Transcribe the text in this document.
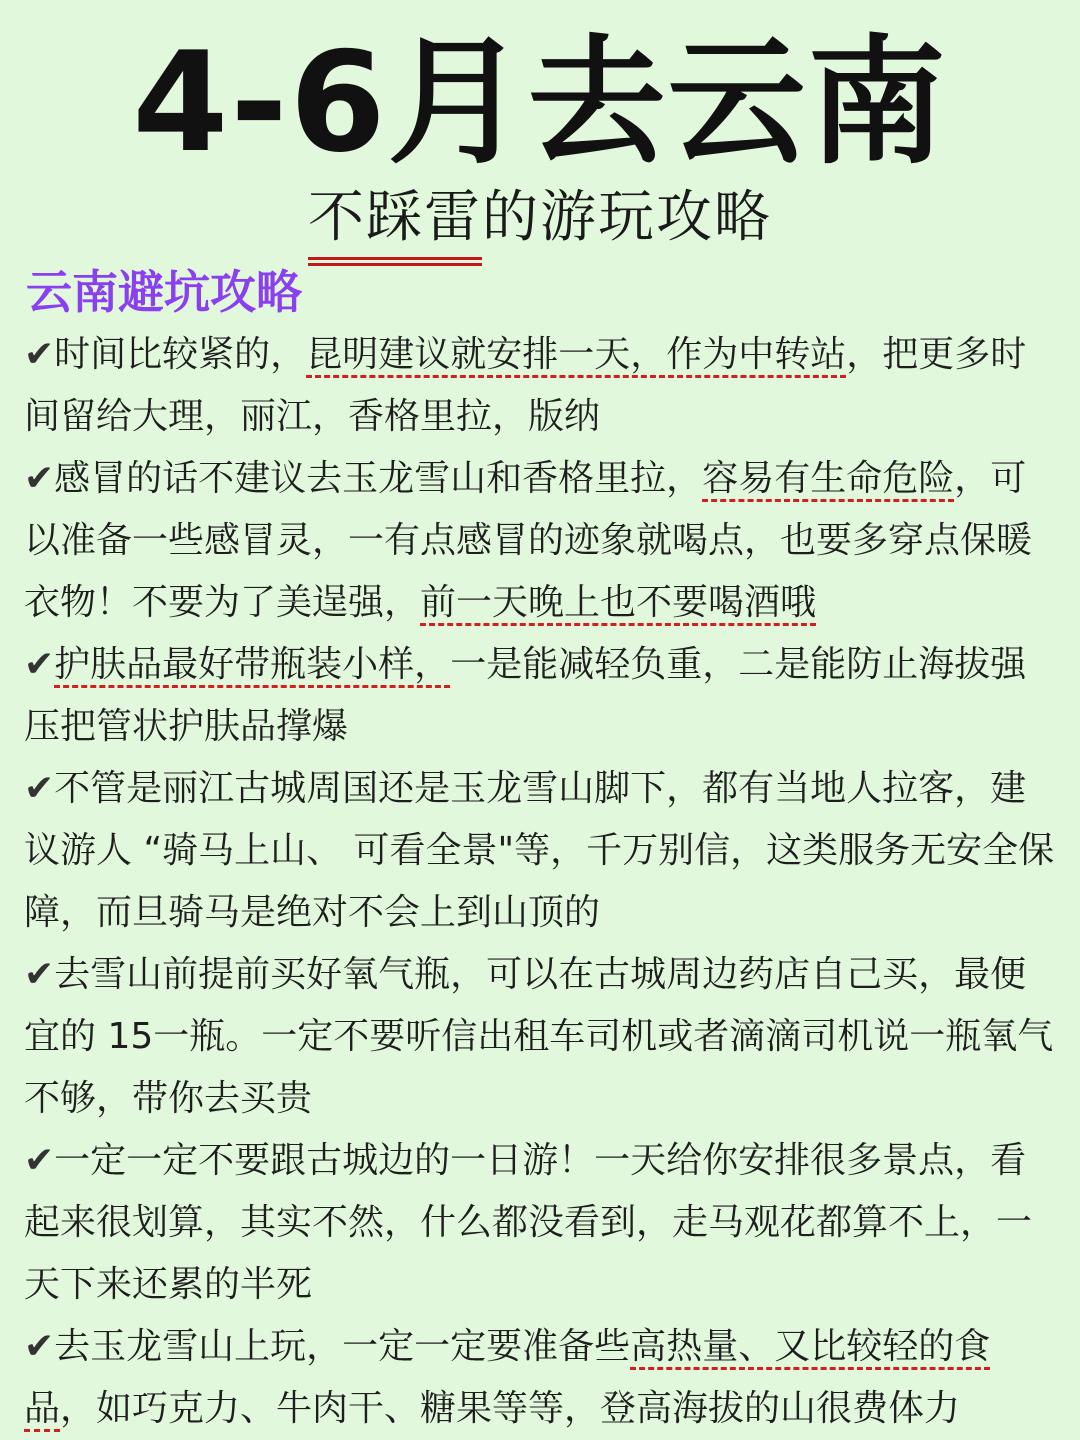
4-6月去云南
不踩雷的游玩攻略
云南避坑攻略

✔时间比较紧的，昆明建议就安排一天，作为中转站，把更多时间留给大理，丽江，香格里拉，版纳

✔感冒的话不建议去玉龙雪山和香格里拉，容易有生命危险，可以准备一些感冒灵，一有点感冒的迹象就喝点，也要多穿点保暖衣物！不要为了美逞强，前一天晚上也不要喝酒哦

✔护肤品最好带瓶装小样，一是能减轻负重，二是能防止海拔强压把管状护肤品撑爆

✔不管是丽江古城周国还是玉龙雪山脚下，都有当地人拉客，建议游人 “骑马上山、 可看全景"等，千万别信，这类服务无安全保障，而旦骑马是绝对不会上到山顶的

✔去雪山前提前买好氧气瓶，可以在古城周边药店自己买，最便宜的 15一瓶。一定不要听信出租车司机或者滴滴司机说一瓶氧气不够，带你去买贵

✔一定一定不要跟古城边的一日游！一天给你安排很多景点，看起来很划算，其实不然，什么都没看到，走马观花都算不上，一天下来还累的半死

✔去玉龙雪山上玩，一定一定要准备些高热量、又比较轻的食品，如巧克力、牛肉干、糖果等等，登高海拔的山很费体力
